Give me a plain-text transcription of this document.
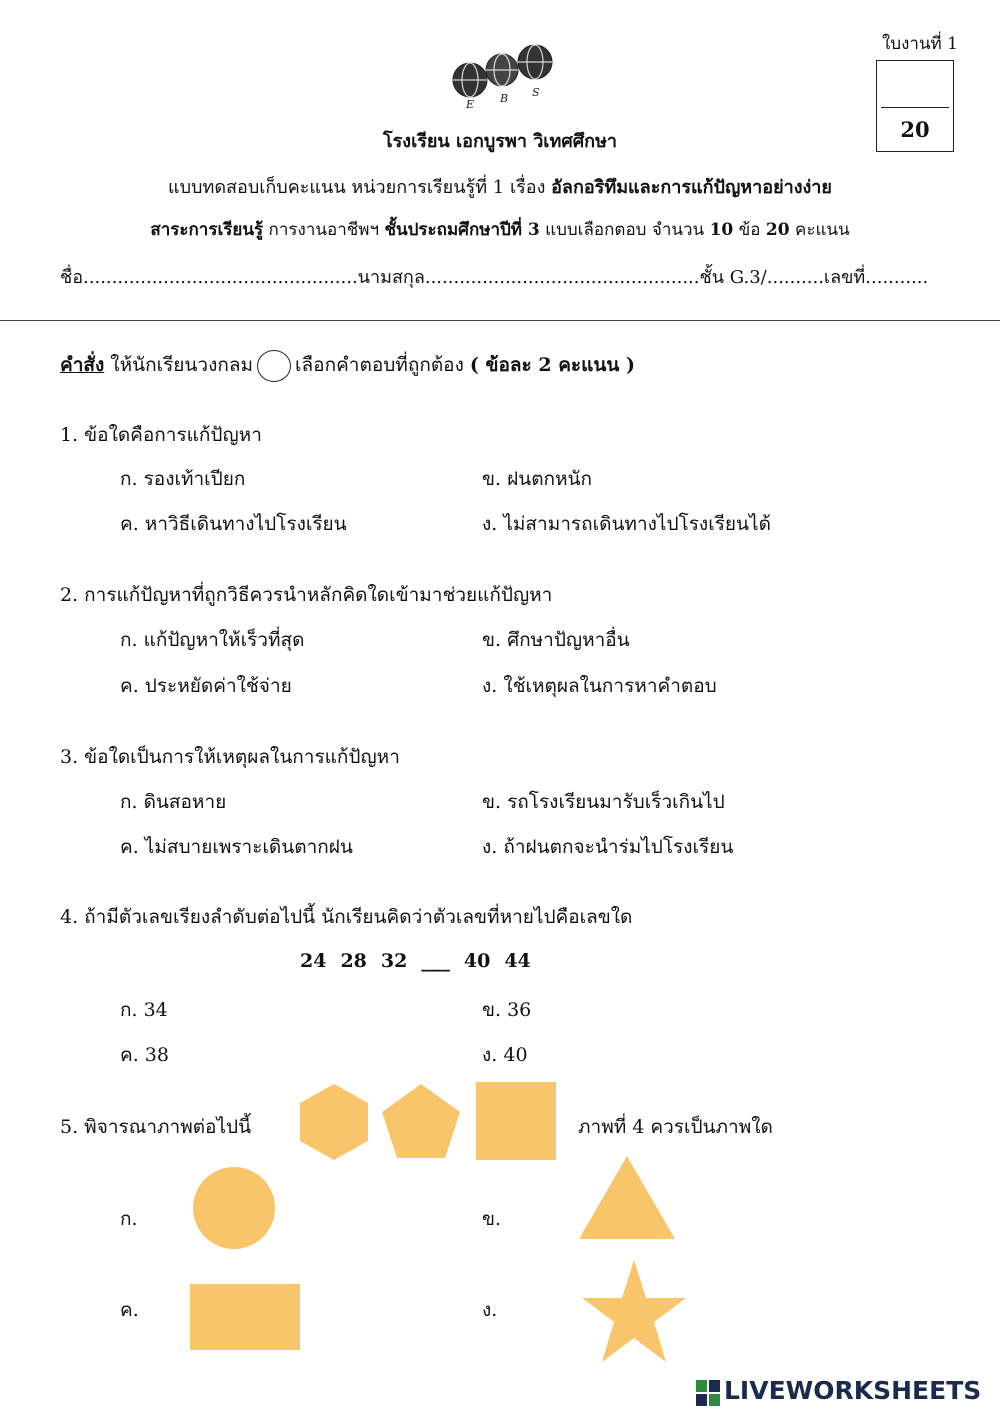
ใบงานที่ 1
20
E B S
โรงเรียน เอกบูรพา วิเทศศึกษา
แบบทดสอบเก็บคะแนน หน่วยการเรียนรู้ที่ 1 เรื่อง อัลกอริทึมและการแก้ปัญหาอย่างง่าย
สาระการเรียนรู้ การงานอาชีพฯ ชั้นประถมศึกษาปีที่ 3 แบบเลือกตอบ จำนวน 10 ข้อ 20 คะแนน
ชื่อ................................................นามสกุล................................................ชั้น G.3/..........เลขที่...........
คำสั่ง ให้นักเรียนวงกลม เลือกคำตอบที่ถูกต้อง ( ข้อละ 2 คะแนน )
1. ข้อใดคือการแก้ปัญหา
ก. รองเท้าเปียก	ข. ฝนตกหนัก
ค. หาวิธีเดินทางไปโรงเรียน	ง. ไม่สามารถเดินทางไปโรงเรียนได้
2. การแก้ปัญหาที่ถูกวิธีควรนำหลักคิดใดเข้ามาช่วยแก้ปัญหา
ก. แก้ปัญหาให้เร็วที่สุด	ข. ศึกษาปัญหาอื่น
ค. ประหยัดค่าใช้จ่าย	ง. ใช้เหตุผลในการหาคำตอบ
3. ข้อใดเป็นการให้เหตุผลในการแก้ปัญหา
ก. ดินสอหาย	ข. รถโรงเรียนมารับเร็วเกินไป
ค. ไม่สบายเพราะเดินตากฝน	ง. ถ้าฝนตกจะนำร่มไปโรงเรียน
4. ถ้ามีตัวเลขเรียงลำดับต่อไปนี้ นักเรียนคิดว่าตัวเลขที่หายไปคือเลขใด
24 28 32 ___ 40 44
ก. 34	ข. 36
ค. 38	ง. 40
5. พิจารณาภาพต่อไปนี้	ภาพที่ 4 ควรเป็นภาพใด
ก.	ข.
ค.	ง.
LIVEWORKSHEETS
